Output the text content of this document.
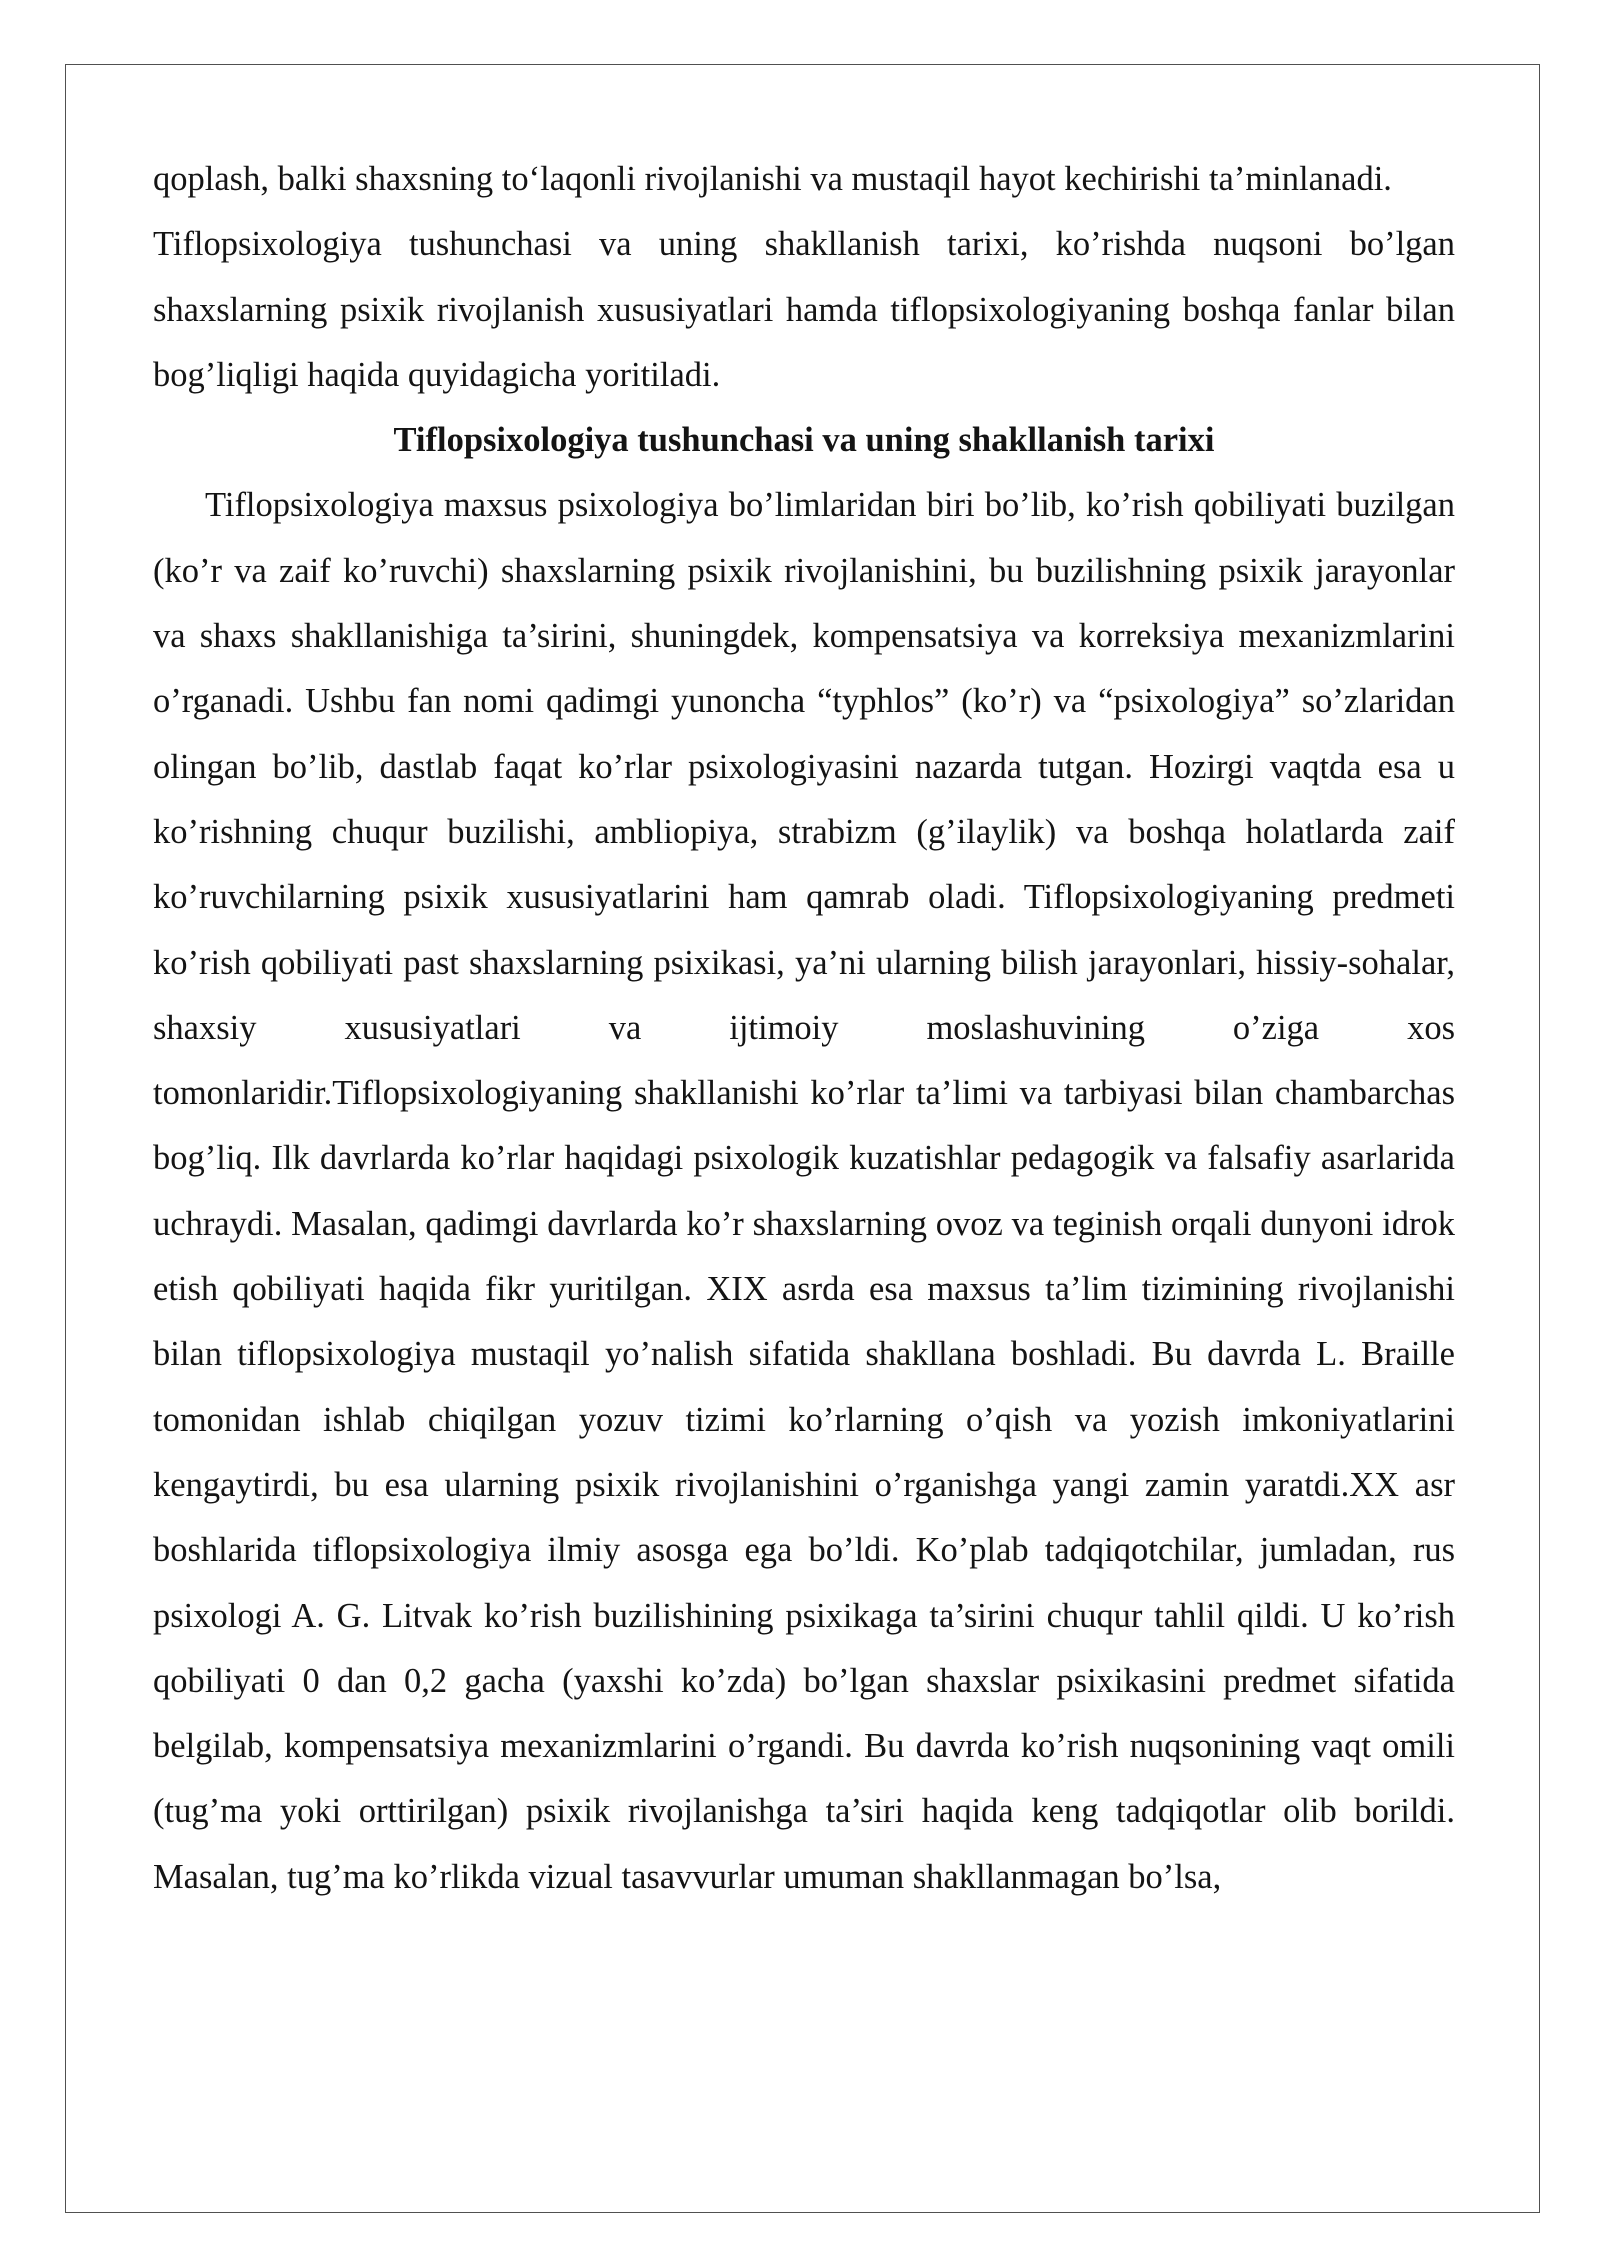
qoplash, balki shaxsning to‘laqonli rivojlanishi va mustaqil hayot kechirishi ta’minlanadi.

Tiflopsixologiya tushunchasi va uning shakllanish tarixi, ko’rishda nuqsoni bo’lgan shaxslarning psixik rivojlanish xususiyatlari hamda tiflopsixologiyaning boshqa fanlar bilan bog’liqligi haqida quyidagicha yoritiladi.

Tiflopsixologiya tushunchasi va uning shakllanish tarixi

Tiflopsixologiya maxsus psixologiya bo’limlaridan biri bo’lib, ko’rish qobiliyati buzilgan (ko’r va zaif ko’ruvchi) shaxslarning psixik rivojlanishini, bu buzilishning psixik jarayonlar va shaxs shakllanishiga ta’sirini, shuningdek, kompensatsiya va korreksiya mexanizmlarini o’rganadi. Ushbu fan nomi qadimgi yunoncha “typhlos” (ko’r) va “psixologiya” so’zlaridan olingan bo’lib, dastlab faqat ko’rlar psixologiyasini nazarda tutgan. Hozirgi vaqtda esa u ko’rishning chuqur buzilishi, ambliopiya, strabizm (g’ilaylik) va boshqa holatlarda zaif ko’ruvchilarning psixik xususiyatlarini ham qamrab oladi. Tiflopsixologiyaning predmeti ko’rish qobiliyati past shaxslarning psixikasi, ya’ni ularning bilish jarayonlari, hissiy-sohalar, shaxsiy xususiyatlari va ijtimoiy moslashuvining o’ziga xos tomonlaridir.Tiflopsixologiyaning shakllanishi ko’rlar ta’limi va tarbiyasi bilan chambarchas bog’liq. Ilk davrlarda ko’rlar haqidagi psixologik kuzatishlar pedagogik va falsafiy asarlarida uchraydi. Masalan, qadimgi davrlarda ko’r shaxslarning ovoz va teginish orqali dunyoni idrok etish qobiliyati haqida fikr yuritilgan. XIX asrda esa maxsus ta’lim tizimining rivojlanishi bilan tiflopsixologiya mustaqil yo’nalish sifatida shakllana boshladi. Bu davrda L. Braille tomonidan ishlab chiqilgan yozuv tizimi ko’rlarning o’qish va yozish imkoniyatlarini kengaytirdi, bu esa ularning psixik rivojlanishini o’rganishga yangi zamin yaratdi.XX asr boshlarida tiflopsixologiya ilmiy asosga ega bo’ldi. Ko’plab tadqiqotchilar, jumladan, rus psixologi A. G. Litvak ko’rish buzilishining psixikaga ta’sirini chuqur tahlil qildi. U ko’rish qobiliyati 0 dan 0,2 gacha (yaxshi ko’zda) bo’lgan shaxslar psixikasini predmet sifatida belgilab, kompensatsiya mexanizmlarini o’rgandi. Bu davrda ko’rish nuqsonining vaqt omili (tug’ma yoki orttirilgan) psixik rivojlanishga ta’siri haqida keng tadqiqotlar olib borildi. Masalan, tug’ma ko’rlikda vizual tasavvurlar umuman shakllanmagan bo’lsa,
